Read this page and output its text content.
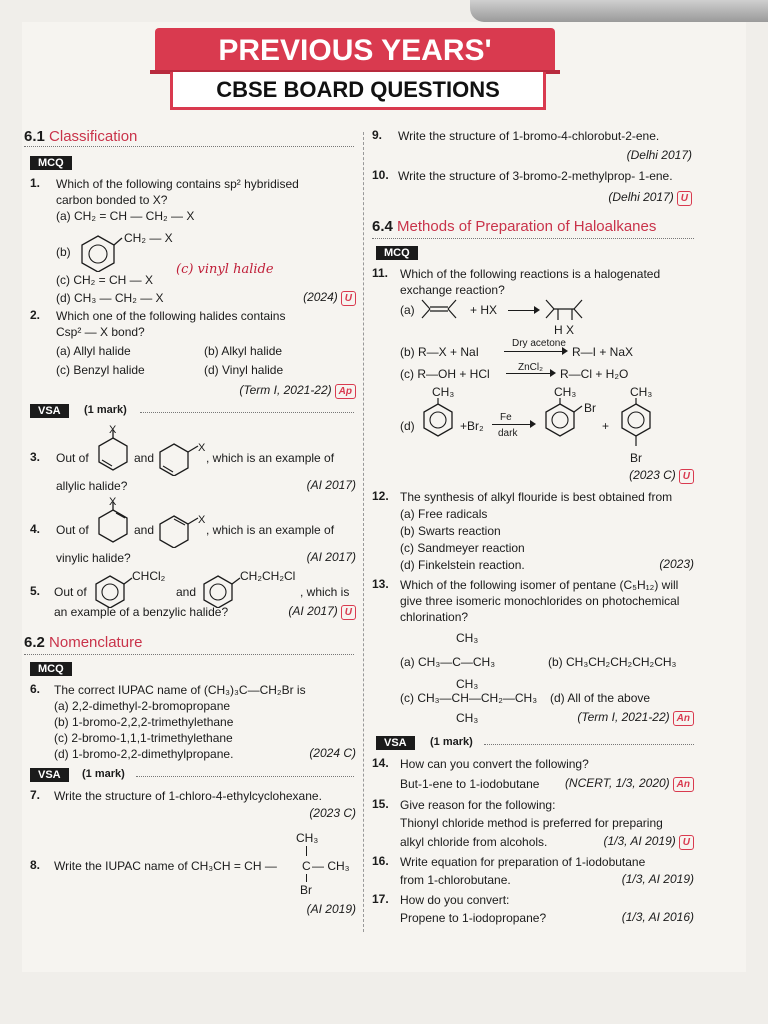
PREVIOUS YEARS'
CBSE BOARD QUESTIONS
6.1 Classification
MCQ
1. Which of the following contains sp² hybridised
carbon bonded to X?
(a) CH₂ = CH — CH₂ — X
(b)
CH₂ — X
(c) CH₂ = CH — X
(c) vinyl halide
(d) CH₃ — CH₂ — X	(2024) U
2. Which one of the following halides contains
Csp² — X bond?
(a) Allyl halide	(b) Alkyl halide
(c) Benzyl halide	(d) Vinyl halide
(Term I, 2021-22) Ap
VSA	(1 mark)
3. Out of
X
and
X
, which is an example of
allylic halide?	(AI 2017)
4. Out of
X
and
X
, which is an example of
vinylic halide?	(AI 2017)
5. Out of
CHCl₂
and
CH₂CH₂Cl
, which is
an example of a benzylic halide?	(AI 2017) U
6.2 Nomenclature
MCQ
6. The correct IUPAC name of (CH₃)₃C—CH₂Br is
(a) 2,2-dimethyl-2-bromopropane
(b) 1-bromo-2,2,2-trimethylethane
(c) 2-bromo-1,1,1-trimethylethane
(d) 1-bromo-2,2-dimethylpropane.	(2024 C)
VSA	(1 mark)
7. Write the structure of 1-chloro-4-ethylcyclohexane.
(2023 C)
CH₃
8. Write the IUPAC name of CH₃CH = CH — C — CH₃
Br
(AI 2019)
9. Write the structure of 1-bromo-4-chlorobut-2-ene.
(Delhi 2017)
10. Write the structure of 3-bromo-2-methylprop- 1-ene.
(Delhi 2017) U
6.4 Methods of Preparation of Haloalkanes
MCQ
11. Which of the following reactions is a halogenated
exchange reaction?
(a)	+ HX
H X
(b) R—X + NaI
Dry acetone
R—I + NaX
(c) R—OH + HCl	ZnCl₂ R—Cl + H₂O
(d)
CH₃
+Br₂
Fe
dark
CH₃
Br
+
CH₃
Br
(2023 C) U
12. The synthesis of alkyl flouride is best obtained from
(a) Free radicals
(b) Swarts reaction
(c) Sandmeyer reaction
(d) Finkelstein reaction.	(2023)
13. Which of the following isomer of pentane (C₅H₁₂) will
give three isomeric monochlorides on photochemical
chlorination?
CH₃
(a) CH₃—C—CH₃
CH₃
(b) CH₃CH₂CH₂CH₂CH₃
(c) CH₃—CH—CH₂—CH₃
CH₃
(d) All of the above
(Term I, 2021-22) An
VSA	(1 mark)
14. How can you convert the following?
But-1-ene to 1-iodobutane	(NCERT, 1/3, 2020) An
15. Give reason for the following:
Thionyl chloride method is preferred for preparing
alkyl chloride from alcohols.	(1/3, AI 2019) U
16. Write equation for preparation of 1-iodobutane
from 1-chlorobutane.	(1/3, AI 2019)
17. How do you convert:
Propene to 1-iodopropane?	(1/3, AI 2016)
